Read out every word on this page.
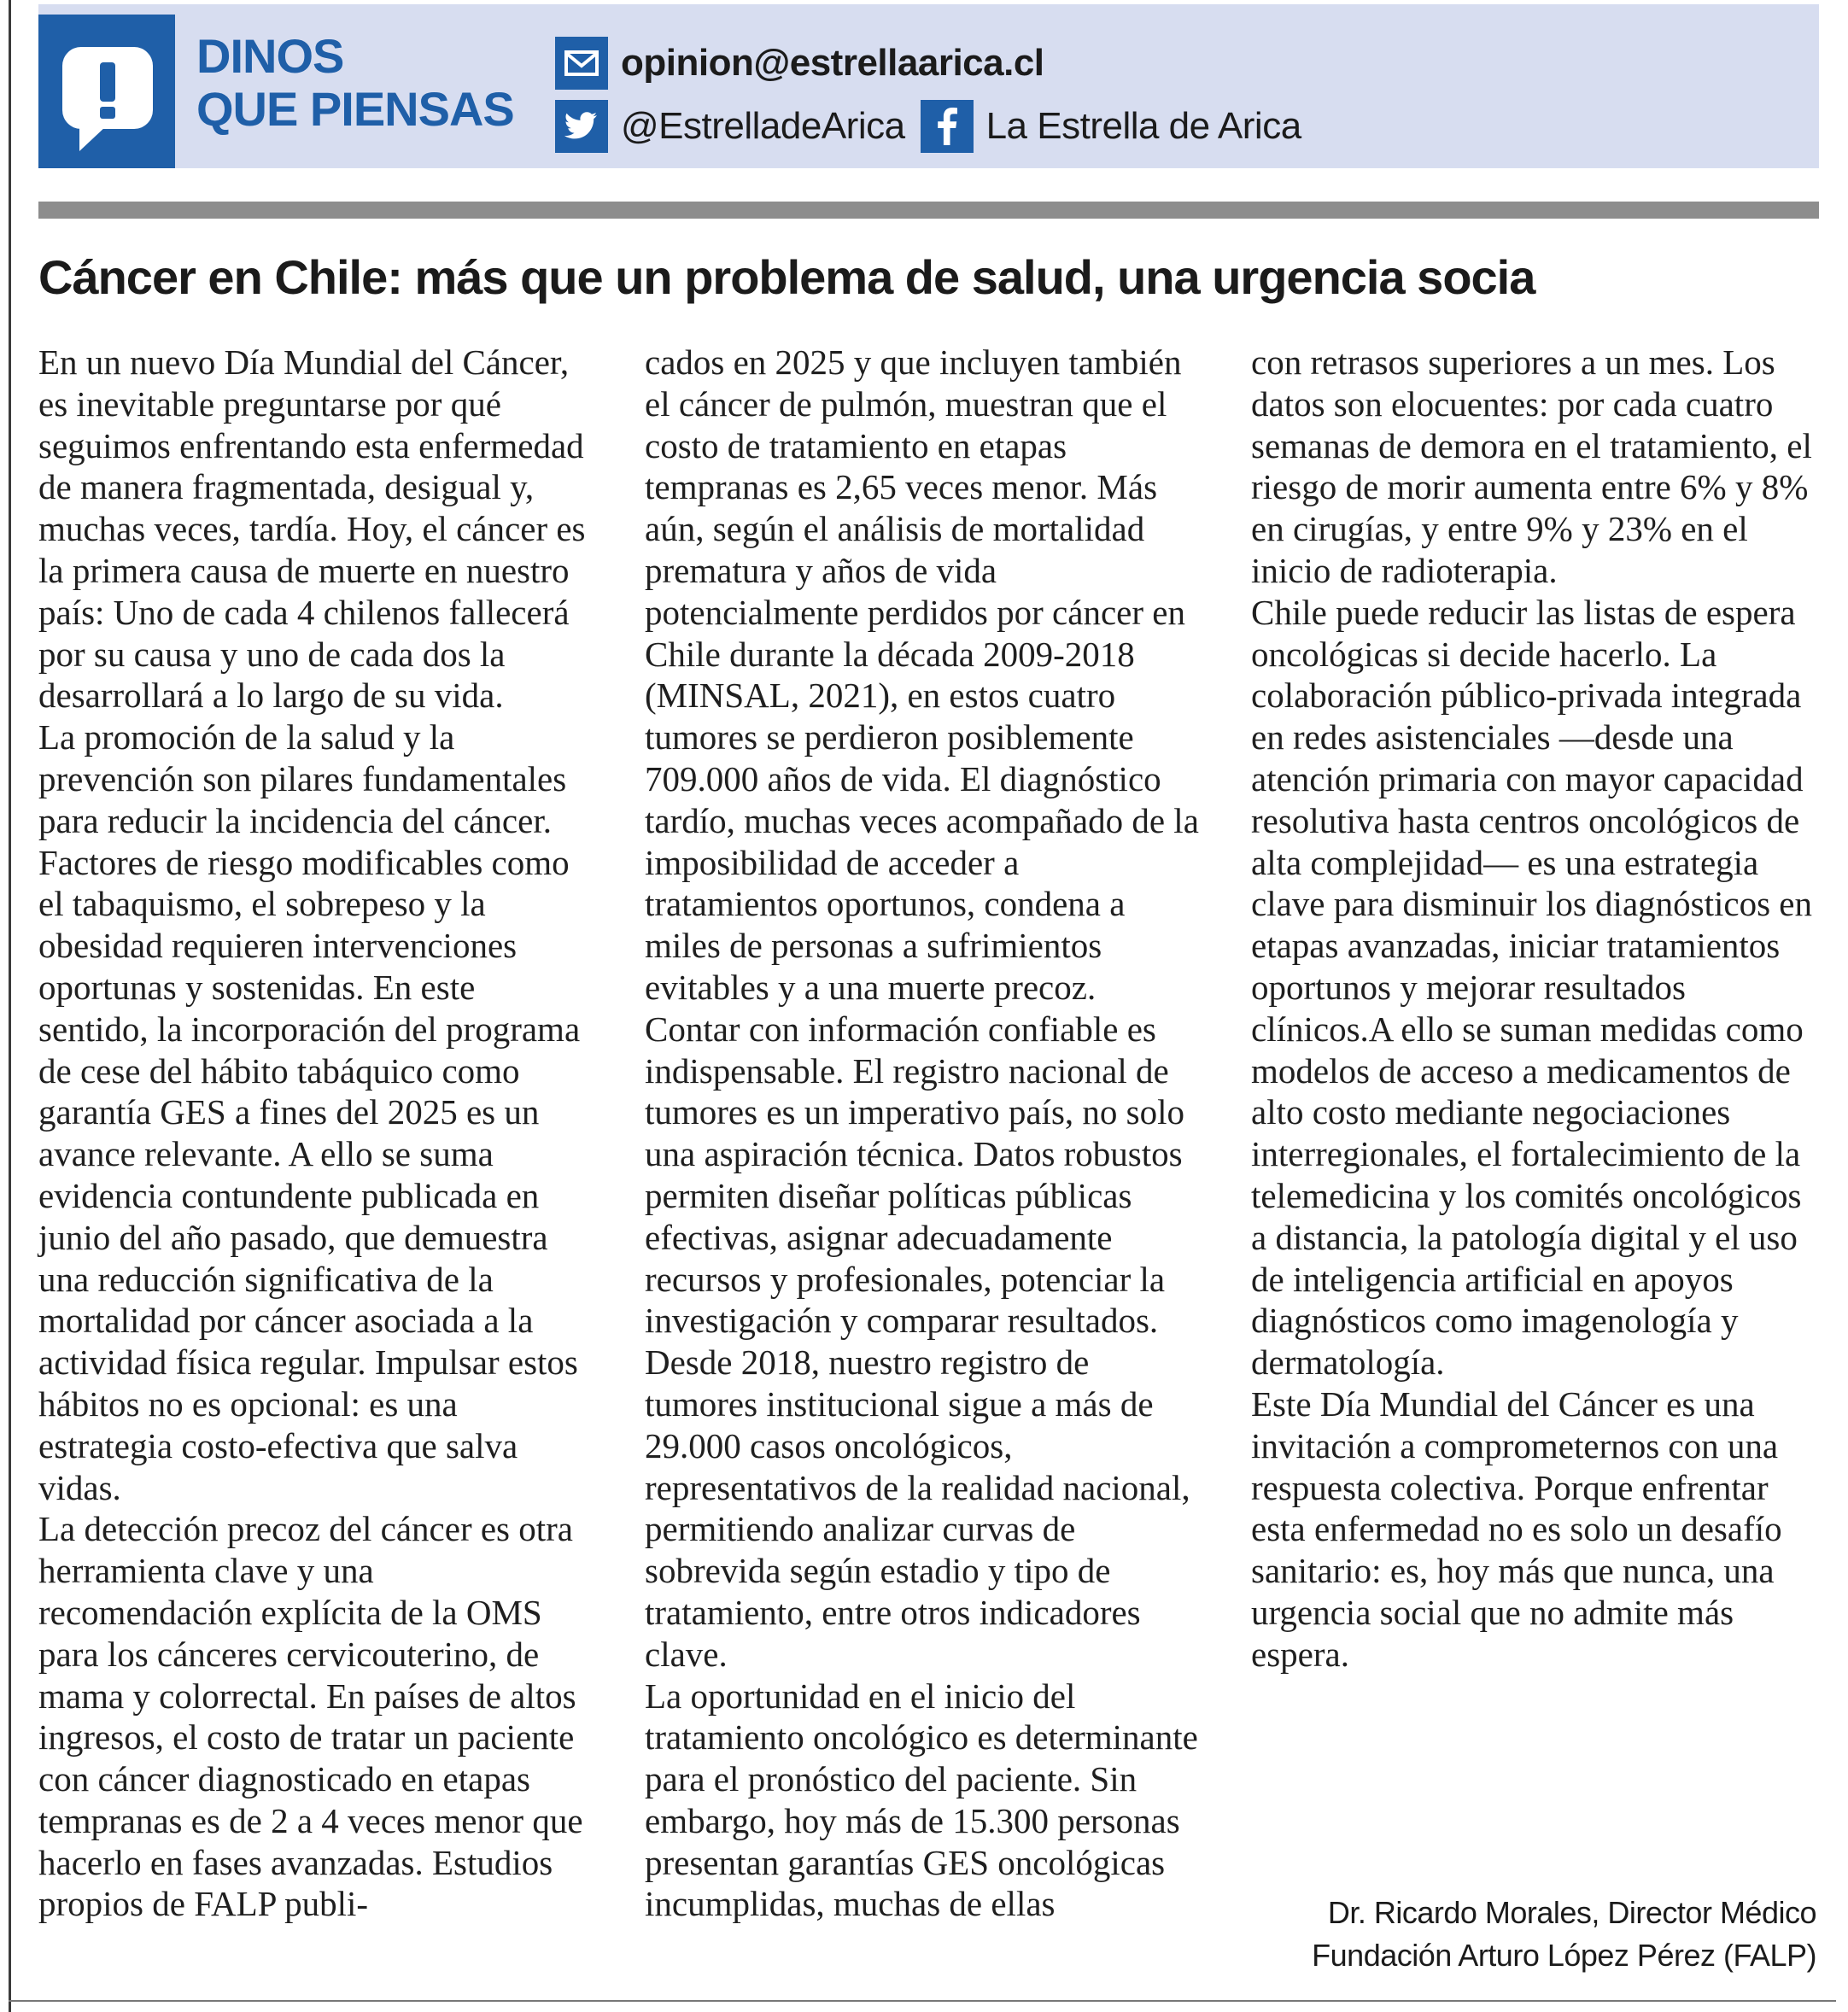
DINOS
QUE PIENSAS
opinion@estrellaarica.cl
@EstrelladeArica La Estrella de Arica
Cáncer en Chile: más que un problema de salud, una urgencia socia

En un nuevo Día Mundial del Cáncer, es inevitable preguntarse por qué seguimos enfrentando esta enfermedad de manera fragmentada, desigual y, muchas veces, tardía. Hoy, el cáncer es la primera causa de muerte en nuestro país: Uno de cada 4 chilenos fallecerá por su causa y uno de cada dos la desarrollará a lo largo de su vida.

La promoción de la salud y la prevención son pilares fundamentales para reducir la incidencia del cáncer. Factores de riesgo modificables como el tabaquismo, el sobrepeso y la obesidad requieren intervenciones oportunas y sostenidas. En este sentido, la incorporación del programa de cese del hábito tabáquico como garantía GES a fines del 2025 es un avance relevante. A ello se suma evidencia contundente publicada en junio del año pasado, que demuestra una reducción significativa de la mortalidad por cáncer asociada a la actividad física regular. Impulsar estos hábitos no es opcional: es una estrategia costo-efectiva que salva vidas.

La detección precoz del cáncer es otra herramienta clave y una recomendación explícita de la OMS para los cánceres cervicouterino, de mama y colorrectal. En países de altos ingresos, el costo de tratar un paciente con cáncer diagnosticado en etapas tempranas es de 2 a 4 veces menor que hacerlo en fases avanzadas. Estudios propios de FALP publi-

cados en 2025 y que incluyen también el cáncer de pulmón, muestran que el costo de tratamiento en etapas tempranas es 2,65 veces menor. Más aún, según el análisis de mortalidad prematura y años de vida potencialmente perdidos por cáncer en Chile durante la década 2009-2018 (MINSAL, 2021), en estos cuatro tumores se perdieron posiblemente 709.000 años de vida. El diagnóstico tardío, muchas veces acompañado de la imposibilidad de acceder a tratamientos oportunos, condena a miles de personas a sufrimientos evitables y a una muerte precoz.

Contar con información confiable es indispensable. El registro nacional de tumores es un imperativo país, no solo una aspiración técnica. Datos robustos permiten diseñar políticas públicas efectivas, asignar adecuadamente recursos y profesionales, potenciar la investigación y comparar resultados. Desde 2018, nuestro registro de tumores institucional sigue a más de 29.000 casos oncológicos, representativos de la realidad nacional, permitiendo analizar curvas de sobrevida según estadio y tipo de tratamiento, entre otros indicadores clave.

La oportunidad en el inicio del tratamiento oncológico es determinante para el pronóstico del paciente. Sin embargo, hoy más de 15.300 personas presentan garantías GES oncológicas incumplidas, muchas de ellas

con retrasos superiores a un mes. Los datos son elocuentes: por cada cuatro semanas de demora en el tratamiento, el riesgo de morir aumenta entre 6% y 8% en cirugías, y entre 9% y 23% en el inicio de radioterapia.

Chile puede reducir las listas de espera oncológicas si decide hacerlo. La colaboración público-privada integrada en redes asistenciales —desde una atención primaria con mayor capacidad resolutiva hasta centros oncológicos de alta complejidad— es una estrategia clave para disminuir los diagnósticos en etapas avanzadas, iniciar tratamientos oportunos y mejorar resultados clínicos.A ello se suman medidas como modelos de acceso a medicamentos de alto costo mediante negociaciones interregionales, el fortalecimiento de la telemedicina y los comités oncológicos a distancia, la patología digital y el uso de inteligencia artificial en apoyos diagnósticos como imagenología y dermatología.

Este Día Mundial del Cáncer es una invitación a comprometernos con una respuesta colectiva. Porque enfrentar esta enfermedad no es solo un desafío sanitario: es, hoy más que nunca, una urgencia social que no admite más espera.

Dr. Ricardo Morales, Director Médico
Fundación Arturo López Pérez (FALP)
